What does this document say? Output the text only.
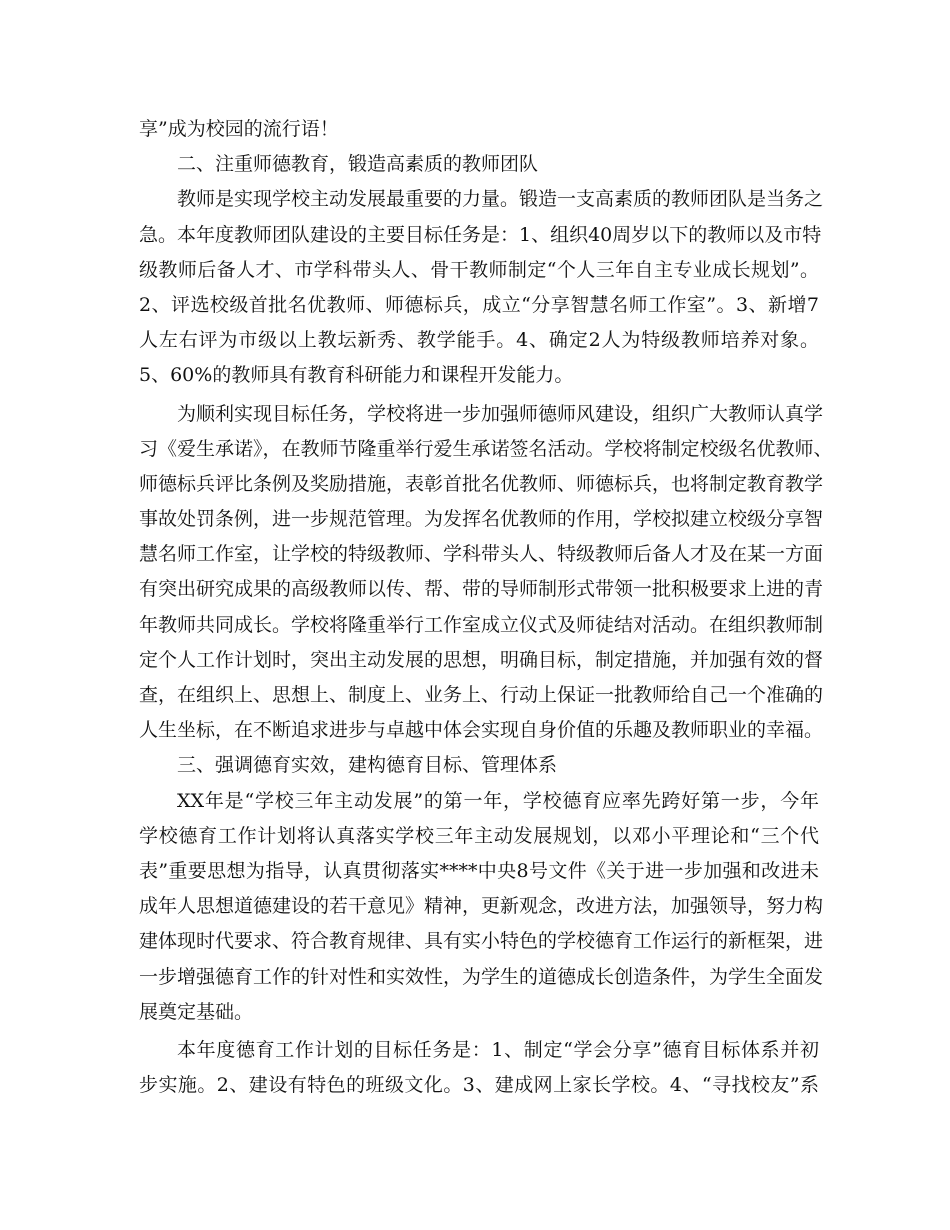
享”成为校园的流行语！
二、注重师德教育，锻造高素质的教师团队
教师是实现学校主动发展最重要的力量。锻造一支高素质的教师团队是当务之
急。本年度教师团队建设的主要目标任务是：1、组织40周岁以下的教师以及市特
级教师后备人才、市学科带头人、骨干教师制定“个人三年自主专业成长规划”。
2、评选校级首批名优教师、师德标兵，成立“分享智慧名师工作室”。3、新增7
人左右评为市级以上教坛新秀、教学能手。4、确定2人为特级教师培养对象。
5、60%的教师具有教育科研能力和课程开发能力。
为顺利实现目标任务，学校将进一步加强师德师风建设，组织广大教师认真学
习《爱生承诺》，在教师节隆重举行爱生承诺签名活动。学校将制定校级名优教师、
师德标兵评比条例及奖励措施，表彰首批名优教师、师德标兵，也将制定教育教学
事故处罚条例，进一步规范管理。为发挥名优教师的作用，学校拟建立校级分享智
慧名师工作室，让学校的特级教师、学科带头人、特级教师后备人才及在某一方面
有突出研究成果的高级教师以传、帮、带的导师制形式带领一批积极要求上进的青
年教师共同成长。学校将隆重举行工作室成立仪式及师徒结对活动。在组织教师制
定个人工作计划时，突出主动发展的思想，明确目标，制定措施，并加强有效的督
查，在组织上、思想上、制度上、业务上、行动上保证一批教师给自己一个准确的
人生坐标，在不断追求进步与卓越中体会实现自身价值的乐趣及教师职业的幸福。
三、强调德育实效，建构德育目标、管理体系
XX年是“学校三年主动发展”的第一年，学校德育应率先跨好第一步，今年
学校德育工作计划将认真落实学校三年主动发展规划，以邓小平理论和“三个代
表”重要思想为指导，认真贯彻落实****中央8号文件《关于进一步加强和改进未
成年人思想道德建设的若干意见》精神，更新观念，改进方法，加强领导，努力构
建体现时代要求、符合教育规律、具有实小特色的学校德育工作运行的新框架，进
一步增强德育工作的针对性和实效性，为学生的道德成长创造条件，为学生全面发
展奠定基础。
本年度德育工作计划的目标任务是：1、制定“学会分享”德育目标体系并初
步实施。2、建设有特色的班级文化。3、建成网上家长学校。4、“寻找校友”系
